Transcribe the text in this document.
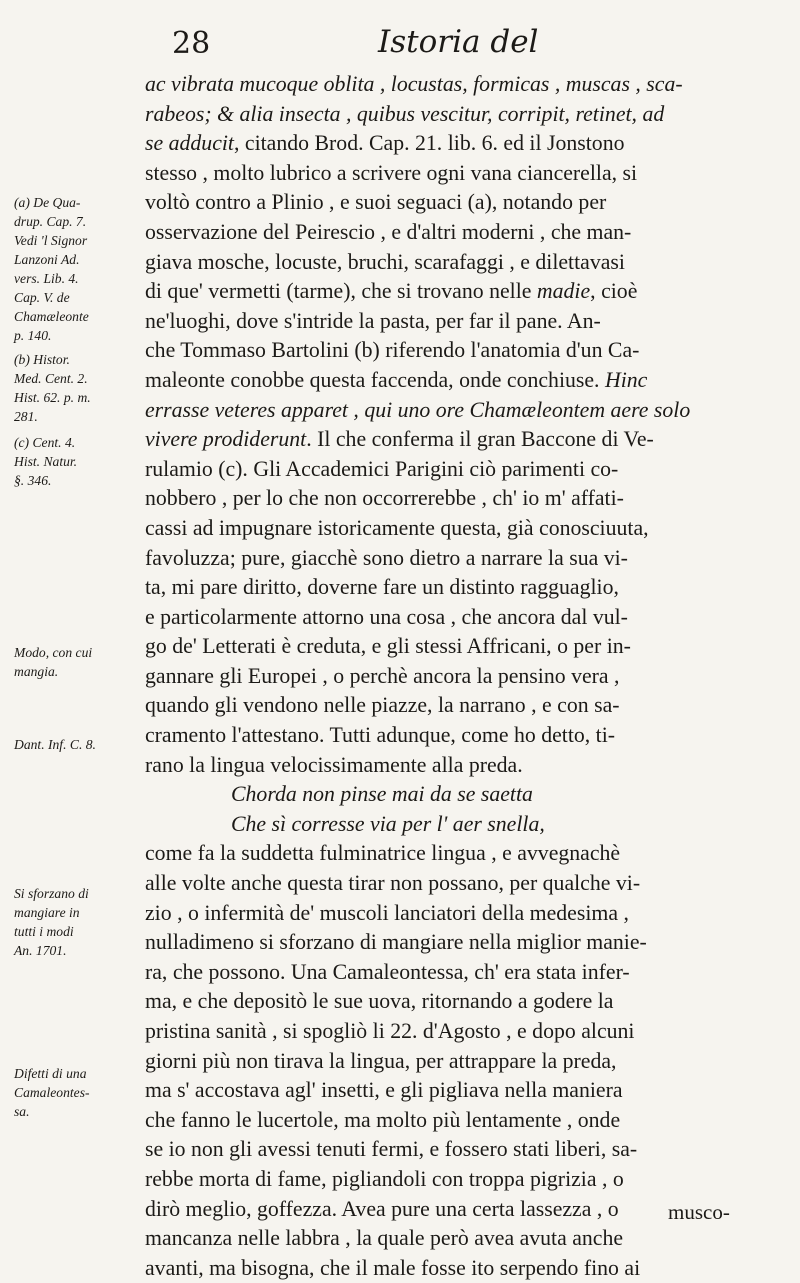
28	Istoria del

(a) De Qua-
drup. Cap. 7.
Vedi 'l Signor
Lanzoni Ad.
vers. Lib. 4.
Cap. V. de
Chamæleonte
p. 140.

(b) Histor.
Med. Cent. 2.
Hist. 62. p. m.
281.

(c) Cent. 4.
Hist. Natur.
§. 346.

Modo, con cui
mangia.

Dant. Inf. C. 8.

Si sforzano di
mangiare in
tutti i modi
An. 1701.

Difetti di una
Camaleontes-
sa.

ac vibrata mucoque oblita , locustas, formicas , muscas , sca-
rabeos; & alia insecta , quibus vescitur, corripit, retinet, ad
se adducit, citando Brod. Cap. 21. lib. 6. ed il Jonstono
stesso , molto lubrico a scrivere ogni vana ciancerella, si
voltò contro a Plinio , e suoi seguaci (a), notando per
osservazione del Peirescio , e d'altri moderni , che man-
giava mosche, locuste, bruchi, scarafaggi , e dilettavasi
di que' vermetti (tarme), che si trovano nelle madie, cioè
ne'luoghi, dove s'intride la pasta, per far il pane. An-
che Tommaso Bartolini (b) riferendo l'anatomia d'un Ca-
maleonte conobbe questa faccenda, onde conchiuse. Hinc
errasse veteres apparet , qui uno ore Chamæleontem aere solo
vivere prodiderunt. Il che conferma il gran Baccone di Ve-
rulamio (c). Gli Accademici Parigini ciò parimenti co-
nobbero , per lo che non occorrerebbe , ch' io m' affati-
cassi ad impugnare istoricamente questa, già conosciuuta,
favoluzza; pure, giacchè sono dietro a narrare la sua vi-
ta, mi pare diritto, doverne fare un distinto ragguaglio,
e particolarmente attorno una cosa , che ancora dal vul-
go de' Letterati è creduta, e gli stessi Affricani, o per in-
gannare gli Europei , o perchè ancora la pensino vera ,
quando gli vendono nelle piazze, la narrano , e con sa-
cramento l'attestano. Tutti adunque, come ho detto, ti-
rano la lingua velocissimamente alla preda.
Chorda non pinse mai da se saetta
Che sì corresse via per l' aer snella,
come fa la suddetta fulminatrice lingua , e avvegnachè
alle volte anche questa tirar non possano, per qualche vi-
zio , o infermità de' muscoli lanciatori della medesima ,
nulladimeno si sforzano di mangiare nella miglior manie-
ra, che possono. Una Camaleontessa, ch' era stata infer-
ma, e che depositò le sue uova, ritornando a godere la
pristina sanità , si spogliò li 22. d'Agosto , e dopo alcuni
giorni più non tirava la lingua, per attrappare la preda,
ma s' accostava agl' insetti, e gli pigliava nella maniera
che fanno le lucertole, ma molto più lentamente , onde
se io non gli avessi tenuti fermi, e fossero stati liberi, sa-
rebbe morta di fame, pigliandoli con troppa pigrizia , o
dirò meglio, goffezza. Avea pure una certa lassezza , o
mancanza nelle labbra , la quale però avea avuta anche
avanti, ma bisogna, che il male fosse ito serpendo fino ai
musco-
